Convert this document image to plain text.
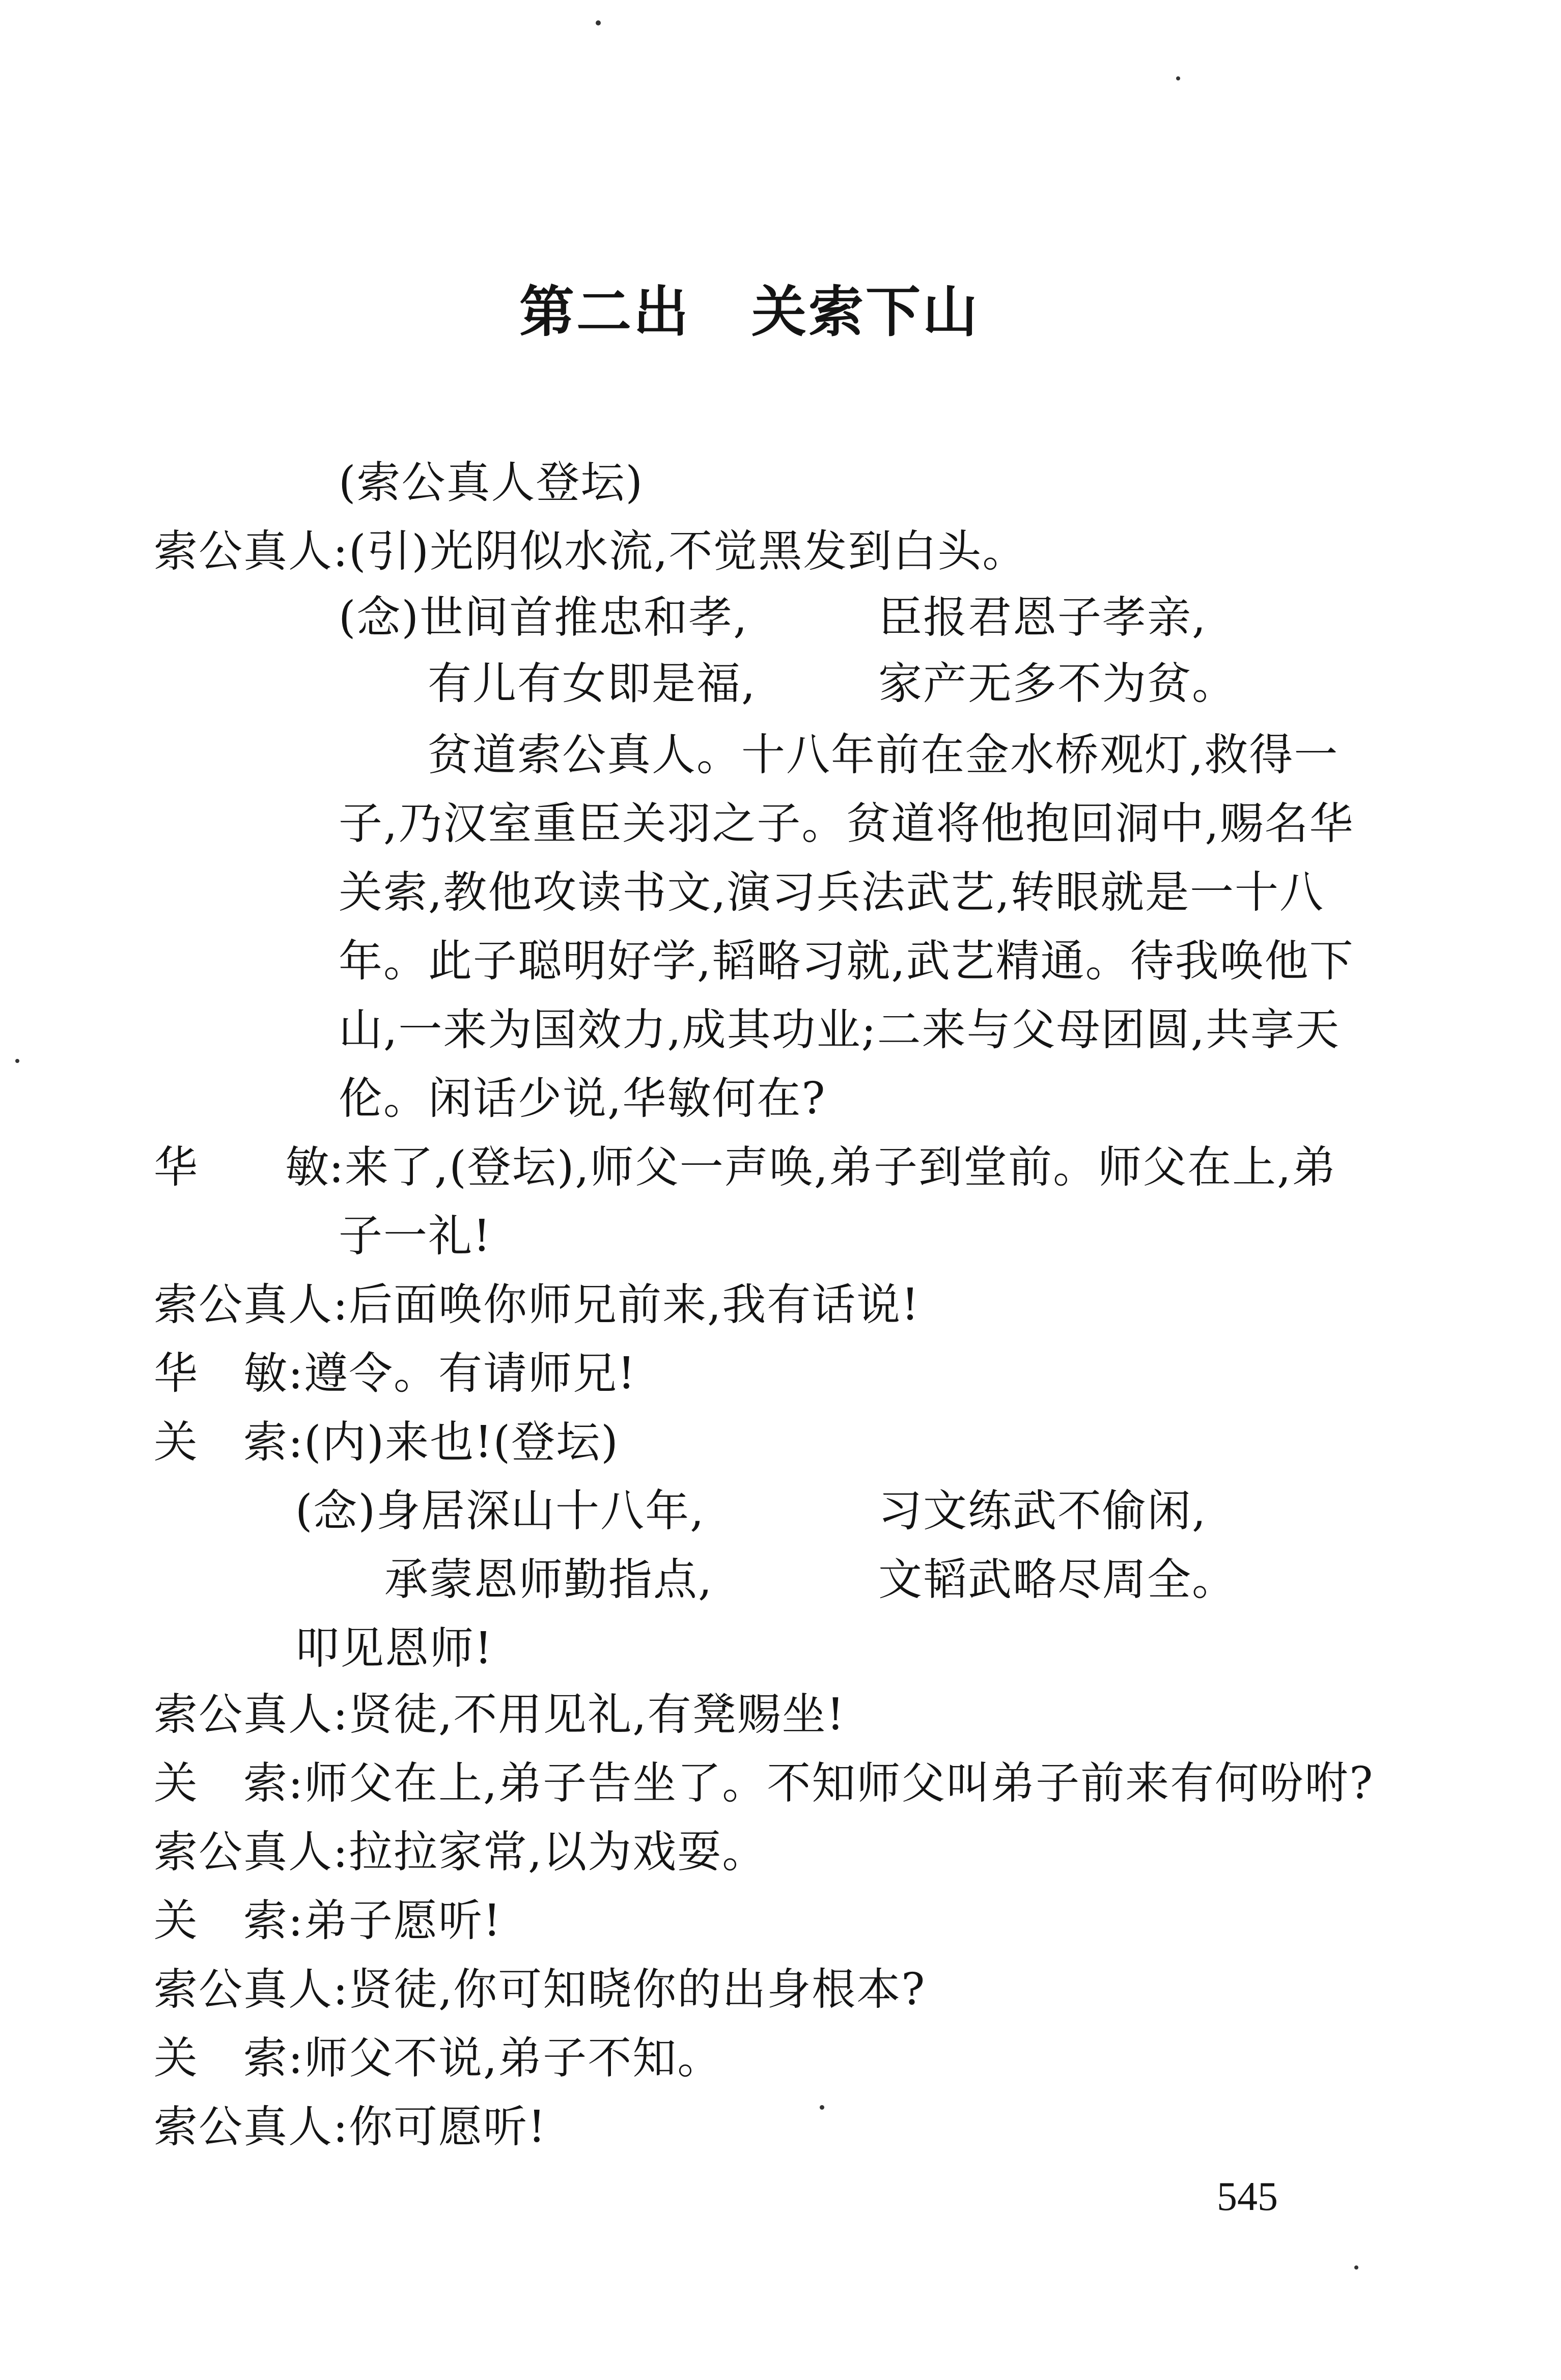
第二出 关索下山
(索公真人登坛)
索公真人:(引)光阴似水流,不觉黑发到白头。
(念)世间首推忠和孝,	臣报君恩子孝亲,
有儿有女即是福,	家产无多不为贫。
贫道索公真人。十八年前在金水桥观灯,救得一
子,乃汉室重臣关羽之子。贫道将他抱回洞中,赐名华
关索,教他攻读书文,演习兵法武艺,转眼就是一十八
年。此子聪明好学,韬略习就,武艺精通。待我唤他下
山,一来为国效力,成其功业;二来与父母团圆,共享天
伦。闲话少说,华敏何在?
华 敏 :来了,(登坛),师父一声唤,弟子到堂前。师父在上,弟
子一礼!
索公真人:后面唤你师兄前来,我有话说!
华　敏:遵令。有请师兄!
关　索:(内)来也!(登坛)
(念)身居深山十八年,	习文练武不偷闲,
承蒙恩师勤指点,	文韬武略尽周全。
叩见恩师!
索公真人:贤徒,不用见礼,有凳赐坐!
关　索:师父在上,弟子告坐了。不知师父叫弟子前来有何吩咐?
索公真人:拉拉家常,以为戏耍。
关　索:弟子愿听!
索公真人:贤徒,你可知晓你的出身根本?
关　索:师父不说,弟子不知。
索公真人:你可愿听!
545
